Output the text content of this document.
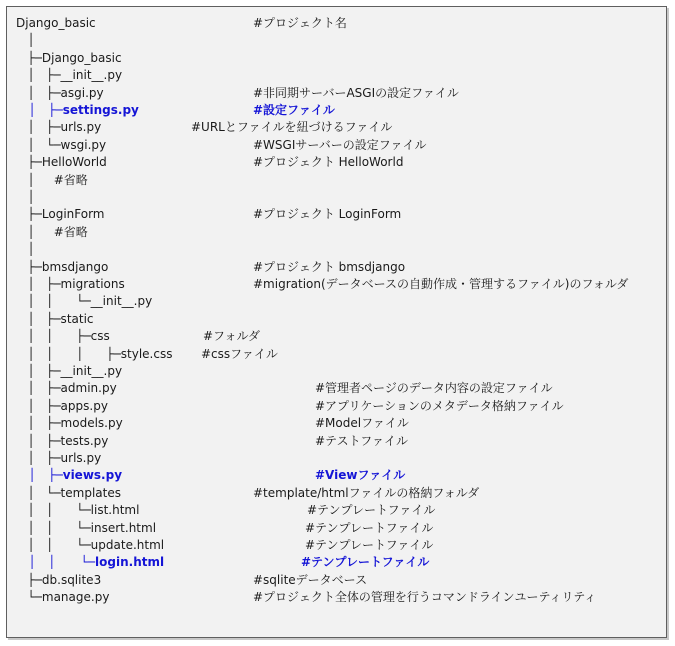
Django_basic	#プロジェクト名
│
├─Django_basic
│   ├─__init__.py
│   ├─asgi.py	#非同期サーバーASGIの設定ファイル
│   ├─settings.py	#設定ファイル
│   ├─urls.py	#URLとファイルを紐づけるファイル
│   └─wsgi.py	#WSGIサーバーの設定ファイル
├─HelloWorld	#プロジェクト HelloWorld
│     #省略
│
├─LoginForm	#プロジェクト LoginForm
│     #省略
│
├─bmsdjango	#プロジェクト bmsdjango
│   ├─migrations	#migration(データベースの自動作成・管理するファイル)のフォルダ
│   │      └─__init__.py
│   ├─static
│   │      ├─css	#フォルダ
│   │      │      ├─style.css #cssファイル
│   ├─__init__.py
│   ├─admin.py	#管理者ページのデータ内容の設定ファイル
│   ├─apps.py	#アプリケーションのメタデータ格納ファイル
│   ├─models.py	#Modelファイル
│   ├─tests.py	#テストファイル
│   ├─urls.py
│   ├─views.py	#Viewファイル
│   └─templates	#template/htmlファイルの格納フォルダ
│   │      └─list.html	#テンプレートファイル
│   │      └─insert.html	#テンプレートファイル
│   │      └─update.html	#テンプレートファイル
│   │      └─login.html	#テンプレートファイル
├─db.sqlite3	#sqliteデータベース
└─manage.py	#プロジェクト全体の管理を行うコマンドラインユーティリティ
